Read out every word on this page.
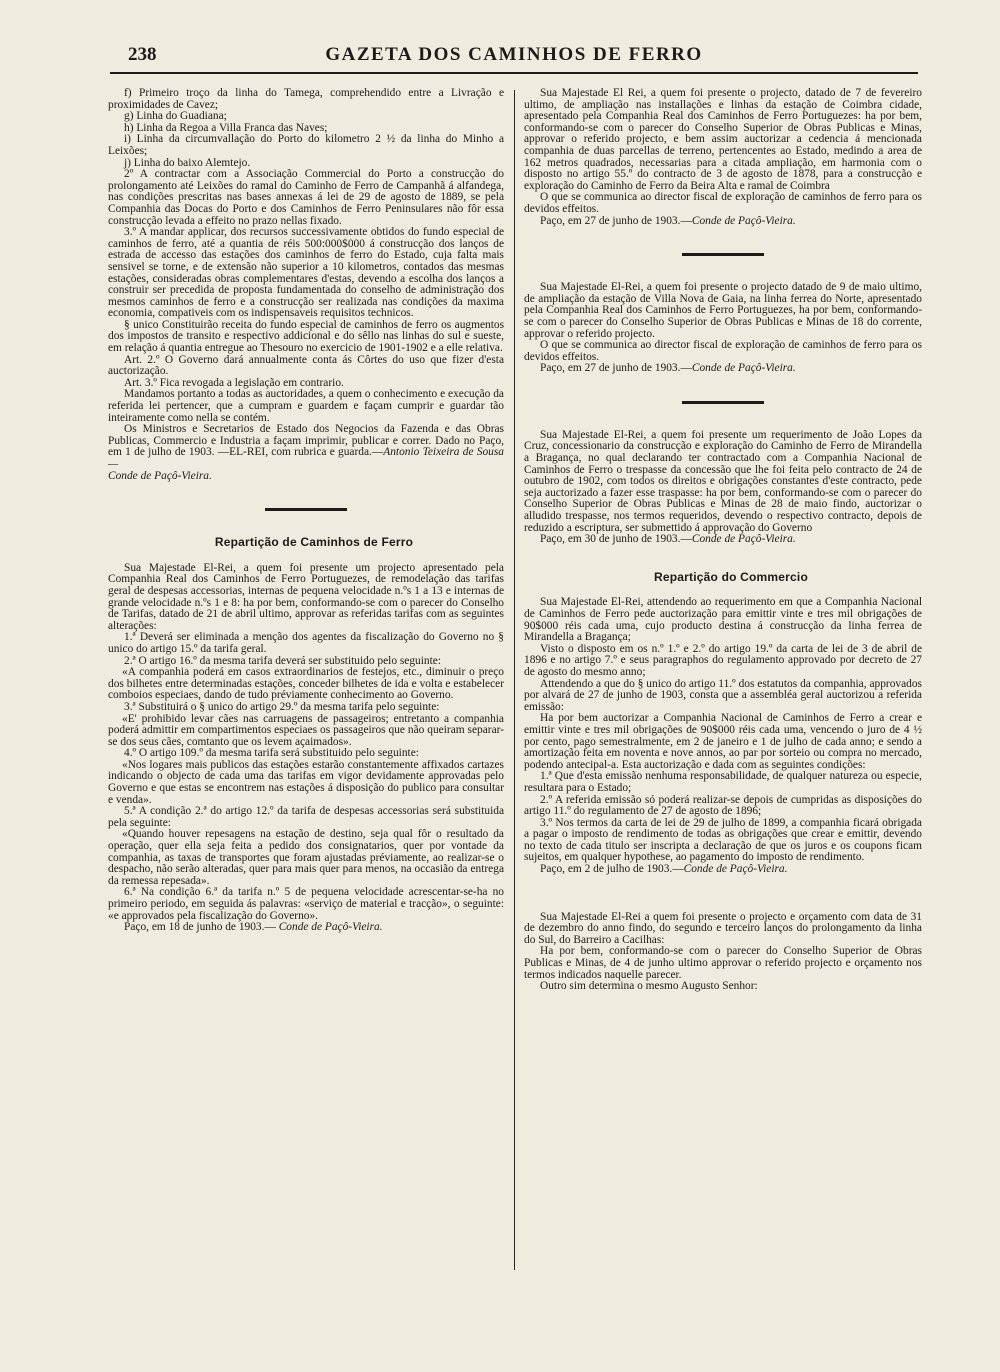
238	GAZETA DOS CAMINHOS DE FERRO

f) Primeiro troço da linha do Tamega, comprehendido entre a Livração e proximidades de Cavez;

g) Linha do Guadiana;

h) Linha da Regoa a Villa Franca das Naves;

i) Linha da circumvallação do Porto do kilometro 2 ½ da linha do Minho a Leixões;

j) Linha do baixo Alemtejo.

2º A contractar com a Associação Commercial do Porto a construcção do prolongamento até Leixões do ramal do Caminho de Ferro de Campanhã á alfandega, nas condições prescritas nas bases annexas á lei de 29 de agosto de 1889, se pela Companhia das Docas do Porto e dos Caminhos de Ferro Peninsulares não fôr essa construcção levada a effeito no prazo nellas fixado.

3.º A mandar applicar, dos recursos successivamente obtidos do fundo especial de caminhos de ferro, até a quantia de réis 500:000$000 á construcção dos lanços de estrada de accesso das estações dos caminhos de ferro do Estado, cuja falta mais sensivel se torne, e de extensão não superior a 10 kilometros, contados das mesmas estações, consideradas obras complementares d'estas, devendo a escolha dos lanços a construir ser precedida de proposta fundamentada do conselho de administração dos mesmos caminhos de ferro e a construcção ser realizada nas condições da maxima economia, compativeis com os indispensaveis requisitos technicos.

§ unico Constituirão receita do fundo especial de caminhos de ferro os augmentos dos impostos de transito e respectivo addicional e do sêllo nas linhas do sul e sueste, em relação á quantia entregue ao Thesouro no exercicio de 1901-1902 e a elle relativa.

Art. 2.º O Governo dará annualmente conta ás Côrtes do uso que fizer d'esta auctorização.

Art. 3.º Fica revogada a legislação em contrario.

Mandamos portanto a todas as auctoridades, a quem o conhecimento e execução da referida lei pertencer, que a cumpram e guardem e façam cumprir e guardar tão inteiramente como nella se contém.

Os Ministros e Secretarios de Estado dos Negocios da Fazenda e das Obras Publicas, Commercio e Industria a façam imprimir, publicar e correr. Dado no Paço, em 1 de julho de 1903. —EL-REI, com rubrica e guarda.—Antonio Teixeira de Sousa—

Conde de Paçô-Vieira.

Repartição de Caminhos de Ferro

Sua Majestade El-Rei, a quem foi presente um projecto apresentado pela Companhia Real dos Caminhos de Ferro Portuguezes, de remodelação das tarifas geral de despesas accessorias, internas de pequena velocidade n.ºs 1 a 13 e internas de grande velocidade n.ºs 1 e 8: ha por bem, conformando-se com o parecer do Conselho de Tarifas, datado de 21 de abril ultimo, approvar as referidas tarifas com as seguintes alterações:

1.ª Deverá ser eliminada a menção dos agentes da fiscalização do Governo no § unico do artigo 15.º da tarifa geral.

2.ª O artigo 16.º da mesma tarifa deverá ser substituido pelo seguinte:

«A companhia poderá em casos extraordinarios de festejos, etc., diminuir o preço dos bilhetes entre determinadas estações, conceder bilhetes de ida e volta e estabelecer comboios especiaes, dando de tudo préviamente conhecimento ao Governo.

3.ª Substituirá o § unico do artigo 29.º da mesma tarifa pelo seguinte:

«E' prohibido levar cães nas carruagens de passageiros; entretanto a companhia poderá admittir em compartimentos especiaes os passageiros que não queiram separar-se dos seus cães, comtanto que os levem açaimados».

4.º O artigo 109.º da mesma tarifa será substituido pelo seguinte:

«Nos logares mais publicos das estações estarão constantemente affixados cartazes indicando o objecto de cada uma das tarifas em vigor devidamente approvadas pelo Governo e que estas se encontrem nas estações á disposição do publico para consultar e venda».

5.ª A condição 2.ª do artigo 12.º da tarifa de despesas accessorias será substituida pela seguinte:

«Quando houver repesagens na estação de destino, seja qual fôr o resultado da operação, quer ella seja feita a pedido dos consignatarios, quer por vontade da companhia, as taxas de transportes que foram ajustadas préviamente, ao realizar-se o despacho, não serão alteradas, quer para mais quer para menos, na occasião da entrega da remessa repesada».

6.ª Na condição 6.ª da tarifa n.º 5 de pequena velocidade acrescentar-se-ha no primeiro periodo, em seguida ás palavras: «serviço de material e tracção», o seguinte: «e approvados pela fiscalização do Governo».

Paço, em 18 de junho de 1903.— Conde de Paçô-Vieira.

Sua Majestade El Rei, a quem foi presente o projecto, datado de 7 de fevereiro ultimo, de ampliação nas installações e linhas da estação de Coimbra cidade, apresentado pela Companhia Real dos Caminhos de Ferro Portuguezes: ha por bem, conformando-se com o parecer do Conselho Superior de Obras Publicas e Minas, approvar o referido projecto, e bem assim auctorizar a cedencia á mencionada companhia de duas parcellas de terreno, pertencentes ao Estado, medindo a area de 162 metros quadrados, necessarias para a citada ampliação, em harmonia com o disposto no artigo 55.º do contracto de 3 de agosto de 1878, para a construcção e exploração do Caminho de Ferro da Beira Alta e ramal de Coimbra

O que se communica ao director fiscal de exploração de caminhos de ferro para os devidos effeitos.

Paço, em 27 de junho de 1903.—Conde de Paçô-Vieira.

Sua Majestade El-Rei, a quem foi presente o projecto datado de 9 de maio ultimo, de ampliação da estação de Villa Nova de Gaia, na linha ferrea do Norte, apresentado pela Companhia Real dos Caminhos de Ferro Portuguezes, ha por bem, conformando-se com o parecer do Conselho Superior de Obras Publicas e Minas de 18 do corrente, approvar o referido projecto.

O que se communica ao director fiscal de exploração de caminhos de ferro para os devidos effeitos.

Paço, em 27 de junho de 1903.—Conde de Paçô-Vieira.

Sua Majestade El-Rei, a quem foi presente um requerimento de João Lopes da Cruz, concessionario da construcção e exploração do Caminho de Ferro de Mirandella a Bragança, no qual declarando ter contractado com a Companhia Nacional de Caminhos de Ferro o trespasse da concessão que lhe foi feita pelo contracto de 24 de outubro de 1902, com todos os direitos e obrigações constantes d'este contracto, pede seja auctorizado a fazer esse traspasse: ha por bem, conformando-se com o parecer do Conselho Superior de Obras Publicas e Minas de 28 de maio findo, auctorizar o alludido trespasse, nos termos requeridos, devendo o respectivo contracto, depois de reduzido a escriptura, ser submettido á approvação do Governo

Paço, em 30 de junho de 1903.—Conde de Paçô-Vieira.

Repartição do Commercio

Sua Majestade El-Rei, attendendo ao requerimento em que a Companhia Nacional de Caminhos de Ferro pede auctorização para emittir vinte e tres mil obrigações de 90$000 réis cada uma, cujo producto destina á construcção da linha ferrea de Mirandella a Bragança;

Visto o disposto em os n.º 1.º e 2.º do artigo 19.º da carta de lei de 3 de abril de 1896 e no artigo 7.º e seus paragraphos do regulamento approvado por decreto de 27 de agosto do mesmo anno;

Attendendo a que do § unico do artigo 11.º dos estatutos da companhia, approvados por alvará de 27 de junho de 1903, consta que a assembléa geral auctorizou a referida emissão:

Ha por bem auctorizar a Companhia Nacional de Caminhos de Ferro a crear e emittir vinte e tres mil obrigações de 90$000 réis cada uma, vencendo o juro de 4 ½ por cento, pago semestralmente, em 2 de janeiro e 1 de julho de cada anno; e sendo a amortização feita em noventa e nove annos, ao par por sorteio ou compra no mercado, podendo antecipal-a. Esta auctorização e dada com as seguintes condições:

1.ª Que d'esta emissão nenhuma responsabilidade, de qualquer natureza ou especie, resultara para o Estado;

2.º A referida emissão só poderá realizar-se depois de cumpridas as disposições do artigo 11.º do regulamento de 27 de agosto de 1896;

3.º Nos termos da carta de lei de 29 de julho de 1899, a companhia ficará obrigada a pagar o imposto de rendimento de todas as obrigações que crear e emittir, devendo no texto de cada titulo ser inscripta a declaração de que os juros e os coupons ficam sujeitos, em qualquer hypothese, ao pagamento do imposto de rendimento.

Paço, em 2 de julho de 1903.—Conde de Paçô-Vieira.

Sua Majestade El-Rei a quem foi presente o projecto e orçamento com data de 31 de dezembro do anno findo, do segundo e terceiro lanços do prolongamento da linha do Sul, do Barreiro a Cacilhas:

Ha por bem, conformando-se com o parecer do Conselho Superior de Obras Publicas e Minas, de 4 de junho ultimo approvar o referido projecto e orçamento nos termos indicados naquelle parecer.

Outro sim determina o mesmo Augusto Senhor:
